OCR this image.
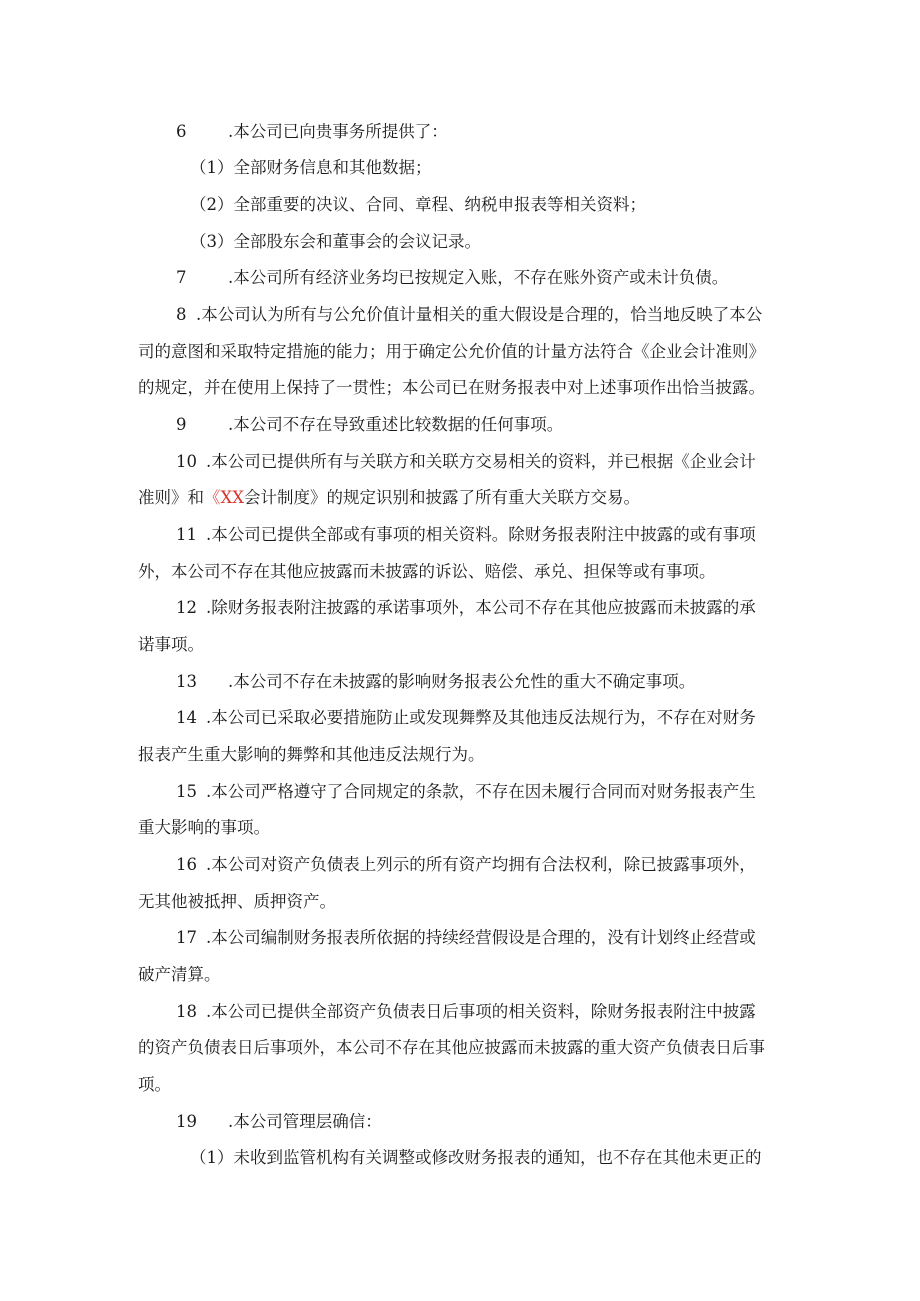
6	.本公司已向贵事务所提供了：
（1）全部财务信息和其他数据；
（2）全部重要的决议、合同、章程、纳税申报表等相关资料；
（3）全部股东会和董事会的会议记录。
7	.本公司所有经济业务均已按规定入账，不存在账外资产或未计负债。
8 .本公司认为所有与公允价值计量相关的重大假设是合理的，恰当地反映了本公
司的意图和采取特定措施的能力；用于确定公允价值的计量方法符合《企业会计准则》
的规定，并在使用上保持了一贯性；本公司已在财务报表中对上述事项作出恰当披露。
9	.本公司不存在导致重述比较数据的任何事项。
10 .本公司已提供所有与关联方和关联方交易相关的资料，并已根据《企业会计
准则》和《XX会计制度》的规定识别和披露了所有重大关联方交易。
11 .本公司已提供全部或有事项的相关资料。除财务报表附注中披露的或有事项
外，本公司不存在其他应披露而未披露的诉讼、赔偿、承兑、担保等或有事项。
12 .除财务报表附注披露的承诺事项外，本公司不存在其他应披露而未披露的承
诺事项。
13 .本公司不存在未披露的影响财务报表公允性的重大不确定事项。
14 .本公司已采取必要措施防止或发现舞弊及其他违反法规行为，不存在对财务
报表产生重大影响的舞弊和其他违反法规行为。
15 .本公司严格遵守了合同规定的条款，不存在因未履行合同而对财务报表产生
重大影响的事项。
16 .本公司对资产负债表上列示的所有资产均拥有合法权利，除已披露事项外，
无其他被抵押、质押资产。
17 .本公司编制财务报表所依据的持续经营假设是合理的，没有计划终止经营或
破产清算。
18 .本公司已提供全部资产负债表日后事项的相关资料，除财务报表附注中披露
的资产负债表日后事项外，本公司不存在其他应披露而未披露的重大资产负债表日后事
项。
19 .本公司管理层确信：
（1）未收到监管机构有关调整或修改财务报表的通知，也不存在其他未更正的
